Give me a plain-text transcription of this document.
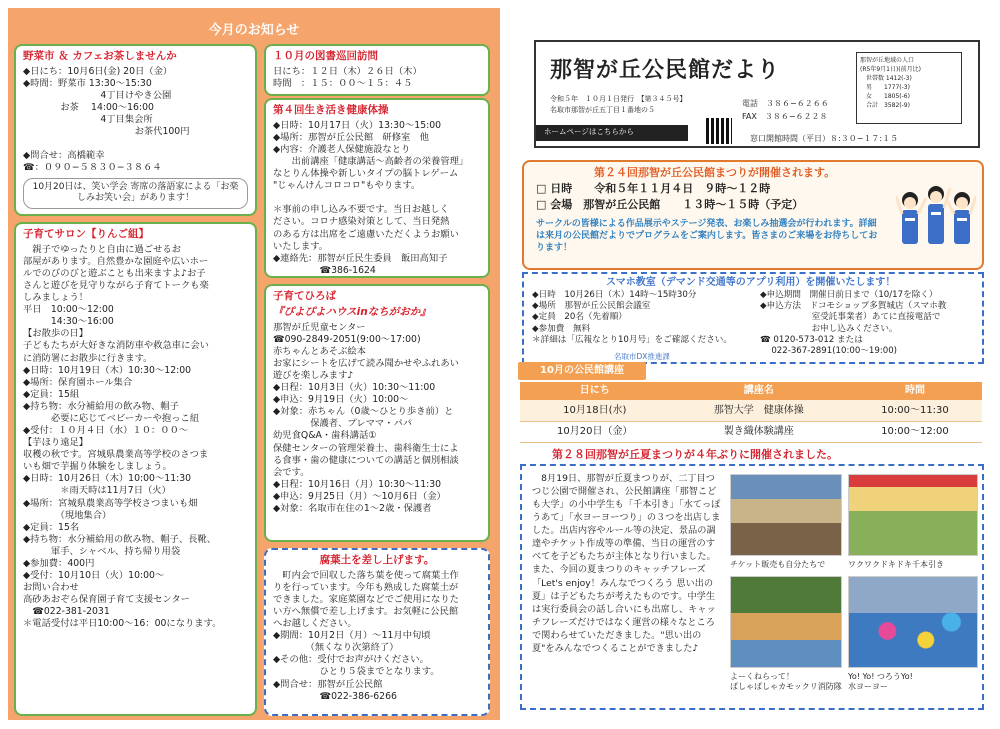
今月のお知らせ
野菜市 ＆ カフェお茶しませんか
◆日にち：10月6日(金) 20日（金）
◆時間：野菜市 13:30〜15:30
　　　　　　　　 4丁目けやき公園
　　　　お茶　 14:00〜16:00
　　　　　　　　 4丁目集会所
　　　　　　　　　　　　お茶代100円

◆問合せ：高橋範幸
☎：０９０−５８３０−３８６４
10月20日は、笑い学会 寄席の落語家による「お楽しみお笑い会」があります！
子育てサロン【りんご組】
　親子でゆったりと自由に過ごせるお
部屋があります。自然豊かな園庭や広いホー
ルでのびのびと遊ぶことも出来ますよ♪お子
さんと遊びを見守りながら子育てトークも楽
しみましょう！
平日　10:00〜12:00
　　　14:30〜16:00
【お散歩の日】
子どもたちが大好きな消防車や救急車に会い
に消防署にお散歩に行きます。
◆日時：10月19日（木）10:30〜12:00
◆場所：保育園ホール集合
◆定員：15組
◆持ち物：水分補給用の飲み物、帽子
　　　必要に応じてベビーカーや抱っこ紐
◆受付：１０月４日（水）１０：００〜
【芋ほり遠足】
収穫の秋です。宮城県農業高等学校のさつま
いも畑で芋掘り体験をしましょう。
◆日時：10月26日（木）10:00〜11:30
　　　　＊雨天時は11月7日（火）
◆場所：宮城県農業高等学校さつまいも畑
　　　　（現地集合）
◆定員：15名
◆持ち物：水分補給用の飲み物、帽子、長靴、
　　　軍手、シャベル、持ち帰り用袋
◆参加費：400円
◆受付：10月10日（火）10:00〜
お問い合わせ
高砂あおぞら保育園子育て支援センター
　☎022-381-2031
＊電話受付は平日10:00〜16：00になります。
１０月の図書巡回訪問
日にち：１２日（木）２６日（木）
時間　：１５：００〜１５：４５
第４回生き活き健康体操
◆日時：10月17日（火）13:30〜15:00
◆場所：那智が丘公民館　研修室　他
◆内容：介護老人保健施設なとり
　　出前講座「健康講話〜高齢者の栄養管理」
なとりん体操や新しいタイプの脳トレゲーム
"じゃんけんコロコロ"もやります。

＊事前の申し込み不要です。当日お越しく
ださい。コロナ感染対策として、当日発熱
のある方は出席をご遠慮いただくようお願い
いたします。
◆連絡先：那智が丘民生委員　飯田高知子
　　　　　☎386-1624
子育てひろば
『ぴよぴよハウスinなちがおか』
那智が丘児童センター
☎090-2849-2051(9:00〜17:00)
赤ちゃんとあそぶ絵本
お家にシートを広げて読み聞かせやふれあい
遊びを楽しみます♪
◆日程：10月3日（火）10:30〜11:00
◆申込：9月19日（火）10:00〜
◆対象：赤ちゃん（0歳〜ひとり歩き前）と
　　　　保護者、プレママ・パパ
幼児食Q&A・歯科講話①
保健センターの管理栄養士、歯科衛生士によ
る食事・歯の健康についての講話と個別相談
会です。
◆日程：10月16日（月）10:30〜11:30
◆申込：9月25日（月）〜10月6日（金）
◆対象：名取市在住の1〜2歳・保護者
腐葉土を差し上げます。
　町内会で回収した落ち葉を使って腐葉土作
りを行っています。今年も熟成した腐葉土が
できました。家庭菜園などでご使用になりた
い方へ無償で差し上げます。お気軽に公民館
へお越しください。
◆期間：10月2日（月）〜11月中旬頃
　　　　（無くなり次第終了）
◆その他：受付でお声がけください。
　　　　　ひとり５袋までとなります。
◆問合せ：那智が丘公民館
　　　　　☎022-386-6266
那智が丘公民館だより
令和５年　１０月１日発行　【第３４５号】
名取市那智が丘五丁目１番地の５
電話　３８６−６２６６
FAX　３８６−６２２８
ホームページはこちらから
窓口開館時間（平日）８:３０−１７:１５
那智が丘地域の人口
(R5年9月1日)(前月比)
　世帯数 1412(-3)
　男　　1777(-3)
　女　　1805(-6)
　合計　3582(-9)
第２４回那智が丘公民館まつりが開催されます。
□ 日時　　令和５年１１月４日　９時〜１２時
□ 会場　那智が丘公民館　　１３時〜１５時（予定）
サークルの皆様による作品展示やステージ発表、お楽しみ抽選会が行われます。詳細は来月の公民館だよりでプログラムをご案内します。皆さまのご来場をお待ちしております！
スマホ教室（デマンド交通等のアプリ利用）を開催いたします！
◆日時　10月26日（木）14時〜15時30分
◆場所　那智が丘公民館会議室
◆定員　20名（先着順）
◆参加費　無料
＊詳細は「広報なとり10月号」をご確認ください。
◆申込期間　開催日前日まで（10/17を除く）
◆申込方法　ドコモショップ多賀城店（スマホ教
　　　　　　室受託事業者）あてに直接電話で
　　　　　　お申し込みください。
☎ 0120-573-012 または
　 022-367-2891(10:00〜19:00)
名取市DX推進課
10月の公民館講座
日にち	講座名	時間
10月18日(水)	那智大学　健康体操	10:00〜11:30
10月20日（金）	製き織体験講座	10:00〜12:00
第２８回那智が丘夏まつりが４年ぶりに開催されました。
　8月19日、那智が丘夏まつりが、二丁目つつじ公園で開催され、公民館講座「那智こども大学」の小中学生も「千本引き」「水てっぽうあて」「水ヨーヨーつり」の３つを出店しました。出店内容やルール等の決定、景品の調達やチケット作成等の準備、当日の運営のすべてを子どもたちが主体となり行いました。また、今回の夏まつりのキャッチフレーズ「Let's enjoy！みんなでつくろう 思い出の夏」は子どもたちが考えたものです。中学生は実行委員会の話し合いにも出席し、キャッチフレーズだけではなく運営の様々なところで関わらせていただきました。"思い出の夏"をみんなでつくることができました♪
チケット販売も自分たちで	ワクワクドキドキ千本引き
よーくねらって！
ばしゃばしゃカモックリ消防隊
Yo! Yo! つろうYo!
水ヨーヨー
